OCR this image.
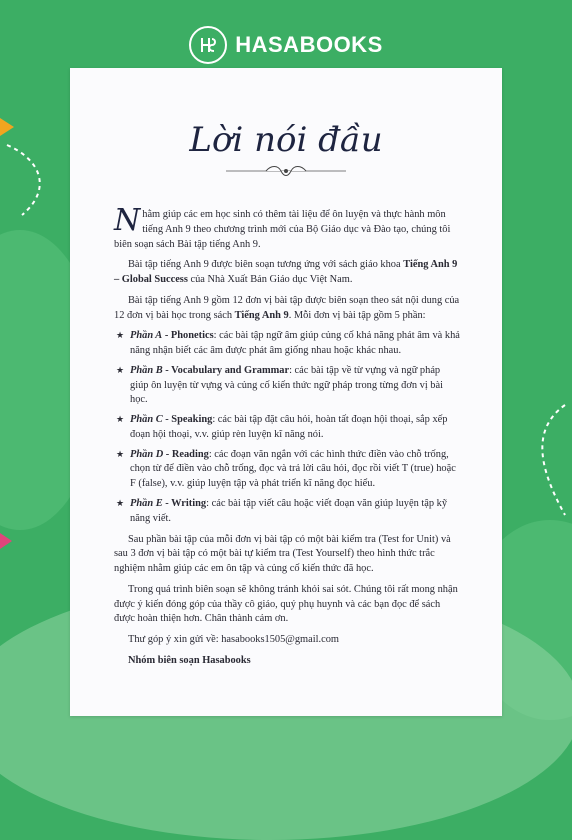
HASABOOKS
Lời nói đầu

Nhằm giúp các em học sinh có thêm tài liệu để ôn luyện và thực hành môn tiếng Anh 9 theo chương trình mới của Bộ Giáo dục và Đào tạo, chúng tôi biên soạn sách Bài tập tiếng Anh 9.

Bài tập tiếng Anh 9 được biên soạn tương ứng với sách giáo khoa Tiếng Anh 9 – Global Success của Nhà Xuất Bản Giáo dục Việt Nam.

Bài tập tiếng Anh 9 gồm 12 đơn vị bài tập được biên soạn theo sát nội dung của 12 đơn vị bài học trong sách Tiếng Anh 9. Mỗi đơn vị bài tập gồm 5 phần:

★ Phần A - Phonetics: các bài tập ngữ âm giúp củng cố khả năng phát âm và khả năng nhận biết các âm được phát âm giống nhau hoặc khác nhau.
★ Phần B - Vocabulary and Grammar: các bài tập về từ vựng và ngữ pháp giúp ôn luyện từ vựng và củng cố kiến thức ngữ pháp trong từng đơn vị bài học.
★ Phần C - Speaking: các bài tập đặt câu hỏi, hoàn tất đoạn hội thoại, sắp xếp đoạn hội thoại, v.v. giúp rèn luyện kĩ năng nói.
★ Phần D - Reading: các đoạn văn ngắn với các hình thức điền vào chỗ trống, chọn từ để điền vào chỗ trống, đọc và trả lời câu hỏi, đọc rồi viết T (true) hoặc F (false), v.v. giúp luyện tập và phát triển kĩ năng đọc hiểu.
★ Phần E - Writing: các bài tập viết câu hoặc viết đoạn văn giúp luyện tập kỹ năng viết.

Sau phần bài tập của mỗi đơn vị bài tập có một bài kiểm tra (Test for Unit) và sau 3 đơn vị bài tập có một bài tự kiểm tra (Test Yourself) theo hình thức trắc nghiệm nhằm giúp các em ôn tập và củng cố kiến thức đã học.

Trong quá trình biên soạn sẽ không tránh khỏi sai sót. Chúng tôi rất mong nhận được ý kiến đóng góp của thầy cô giáo, quý phụ huynh và các bạn đọc để sách được hoàn thiện hơn. Chân thành cảm ơn.

Thư góp ý xin gửi về: hasabooks1505@gmail.com

Nhóm biên soạn Hasabooks
